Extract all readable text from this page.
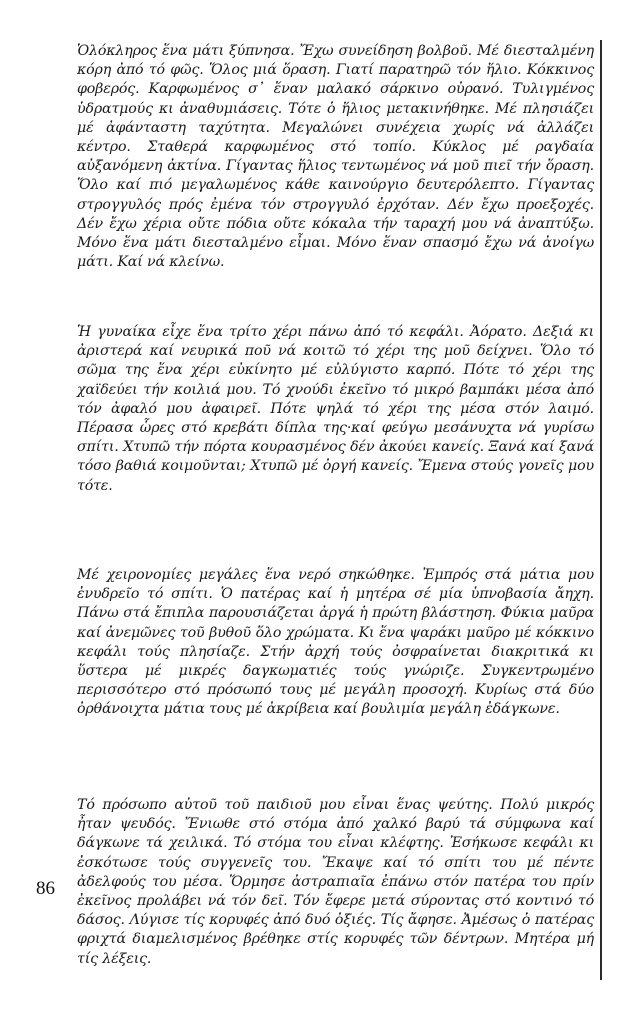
Ὁλόκληρος ἕνα μάτι ξύπνησα. Ἔχω συνείδηση βολβοῦ. Μέ διεσταλμένη κόρη ἀπό τό φῶς. Ὅλος μιά ὅραση. Γιατί παρατηρῶ τόν ἥλιο. Κόκκινος φοβερός. Καρφωμένος σ᾽ ἕναν μαλακό σάρκινο οὐρανό. Τυλιγμένος ὑδρατμούς κι ἀναθυμιάσεις. Τότε ὁ ἥλιος μετακινήθηκε. Μέ πλησιάζει μέ ἀφάνταστη ταχύτητα. Μεγαλώνει συνέχεια χωρίς νά ἀλλάζει κέντρο. Σταθερά καρφωμένος στό τοπίο. Κύκλος μέ ραγδαία αὐξανόμενη ἀκτίνα. Γίγαντας ἥλιος τεντωμένος νά μοῦ πιεῖ τήν ὅραση. Ὅλο καί πιό μεγαλωμένος κάθε καινούργιο δευτερόλεπτο. Γίγαντας στρογγυλός πρός ἐμένα τόν στρογγυλό ἐρχόταν. Δέν ἔχω προεξοχές. Δέν ἔχω χέρια οὔτε πόδια οὔτε κόκαλα τήν ταραχή μου νά ἀναπτύξω. Μόνο ἕνα μάτι διεσταλμένο εἶμαι. Μόνο ἕναν σπασμό ἔχω νά ἀνοίγω μάτι. Καί νά κλείνω.

Ἡ γυναίκα εἶχε ἕνα τρίτο χέρι πάνω ἀπό τό κεφάλι. Ἀόρατο. Δεξιά κι ἀριστερά καί νευρικά ποῦ νά κοιτῶ τό χέρι της μοῦ δείχνει. Ὅλο τό σῶμα της ἕνα χέρι εὐκίνητο μέ εὐλύγιστο καρπό. Πότε τό χέρι της χαϊδεύει τήν κοιλιά μου. Τό χνούδι ἐκεῖνο τό μικρό βαμπάκι μέσα ἀπό τόν ἀφαλό μου ἀφαιρεῖ. Πότε ψηλά τό χέρι της μέσα στόν λαιμό. Πέρασα ὧρες στό κρεβάτι δίπλα της·καί φεύγω μεσάνυχτα νά γυρίσω σπίτι. Χτυπῶ τήν πόρτα κουρασμένος δέν ἀκούει κανείς. Ξανά καί ξανά τόσο βαθιά κοιμοῦνται; Χτυπῶ μέ ὀργή κανείς. Ἔμενα στούς γονεῖς μου τότε.

Μέ χειρονομίες μεγάλες ἕνα νερό σηκώθηκε. Ἐμπρός στά μάτια μου ἐνυδρεῖο τό σπίτι. Ὁ πατέρας καί ἡ μητέρα σέ μία ὑπνοβασία ἄηχη. Πάνω στά ἔπιπλα παρουσιάζεται ἀργά ἡ πρώτη βλάστηση. Φύκια μαῦρα καί ἀνεμῶνες τοῦ βυθοῦ ὅλο χρώματα. Κι ἕνα ψαράκι μαῦρο μέ κόκκινο κεφάλι τούς πλησίαζε. Στήν ἀρχή τούς ὀσφραίνεται διακριτικά κι ὕστερα μέ μικρές δαγκωματιές τούς γνώριζε. Συγκεντρωμένο περισσότερο στό πρόσωπό τους μέ μεγάλη προσοχή. Κυρίως στά δύο ὀρθάνοιχτα μάτια τους μέ ἀκρίβεια καί βουλιμία μεγάλη ἐδάγκωνε.

Τό πρόσωπο αὐτοῦ τοῦ παιδιοῦ μου εἶναι ἕνας ψεύτης. Πολύ μικρός ἦταν ψευδός. Ἔνιωθε στό στόμα ἀπό χαλκό βαρύ τά σύμφωνα καί δάγκωνε τά χειλικά. Τό στόμα του εἶναι κλέφτης. Ἐσήκωσε κεφάλι κι ἐσκότωσε τούς συγγενεῖς του. Ἔκαψε καί τό σπίτι του μέ πέντε ἀδελφούς του μέσα. Ὅρμησε ἀστραπιαῖα ἐπάνω στόν πατέρα του πρίν ἐκεῖνος προλάβει νά τόν δεῖ. Τόν ἔφερε μετά σύροντας στό κοντινό τό δάσος. Λύγισε τίς κορυφές ἀπό δυό ὀξιές. Τίς ἄφησε. Ἀμέσως ὁ πατέρας φριχτά διαμελισμένος βρέθηκε στίς κορυφές τῶν δέντρων. Μητέρα μή τίς λέξεις.

86
